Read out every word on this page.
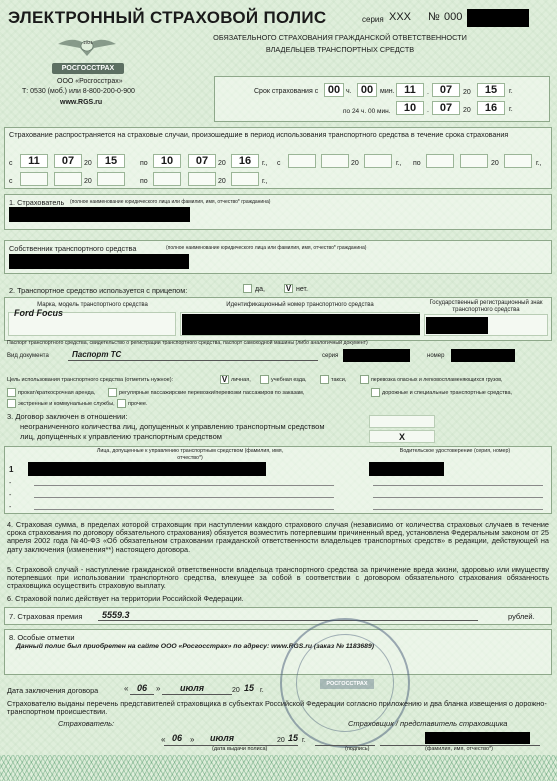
ЭЛЕКТРОННЫЙ СТРАХОВОЙ ПОЛИС	серия XXX № 000
ОБЯЗАТЕЛЬНОГО СТРАХОВАНИЯ ГРАЖДАНСКОЙ ОТВЕТСТВЕННОСТИ
ВЛАДЕЛЬЦЕВ ТРАНСПОРТНЫХ СРЕДСТВ
1921
РОСГОССТРАХ
ООО «Росгосстрах»
Т: 0530 (моб.) или 8-800-200-0-900
www.RGS.ru
Срок страхования с 00 ч. 00 мин. 11	. 07	20	15	г.
по 24 ч. 00 мин.	10	. 07	20	16	г.
Страхование распространяется на страховые случаи, произошедшие в период использования транспортного средства в течение срока страхования
с	11	07	20	15	по	10	07	20	16	г., с	20	г., по	20	г.,
с	20	по	20	г.,
1. Страхователь (полное наименование юридического лица или фамилия, имя, отчество* гражданина)
Собственник транспортного средства	(полное наименование юридического лица или фамилия, имя, отчество* гражданина)
2. Транспортное средство используется с прицепом:	да,	V нет.
Марка, модель транспортного средства	Идентификационный номер транспортного средства	Государственный регистрационный знак транспортного средства
Ford Focus
Паспорт транспортного средства, свидетельство о регистрации транспортного средства, паспорт самоходной машины (либо аналогичный документ)
Вид документа	Паспорт ТС	серия	номер
Цель использования транспортного средства (отметить нужное):	V личная,	учебная езда,	такси,	перевозка опасных и легковоспламеняющихся грузов,
прокат/краткосрочная аренда,	регулярные пассажирские перевозки/перевозки пассажиров по заказам,	дорожные и специальные транспортные средства,
экстренные и коммунальные службы, прочее.
3. Договор заключен в отношении:
неограниченного количества лиц, допущенных к управлению транспортным средством
лиц, допущенных к управлению транспортным средством	X
Лица, допущенные к управлению транспортным средством (фамилия, имя, отчество*)
Водительское удостоверение (серия, номер)
1
-
-
-
4. Страховая сумма, в пределах которой страховщик при наступлении каждого страхового случая (независимо от количества страховых случаев в течение срока страхования по договору обязательного страхования) обязуется возместить потерпевшим причиненный вред, установлена Федеральным законом от 25 апреля 2002 года №40-ФЗ «Об обязательном страховании гражданской ответственности владельцев транспортных средств» в редакции, действующей на дату заключения (изменения**) настоящего договора.
5. Страховой случай - наступление гражданской ответственности владельца транспортного средства за причинение вреда жизни, здоровью или имуществу потерпевших при использовании транспортного средства, влекущее за собой в соответствии с договором обязательного страхования обязанность страховщика осуществить страховую выплату.
6. Страховой полис действует на территории Российской Федерации.
7. Страховая премия 5559.3	рублей.
8. Особые отметки
Данный полис был приобретен на сайте ООО «Росгосстрах» по адресу: www.RGS.ru (заказ № 1183689)
РОСГОССТРАХ
Дата заключения договора	« 06	»	июля	20 15 г.
Страхователю выданы перечень представителей страховщика в субъектах Российской Федерации согласно приложению и два бланка извещения о дорожно-транспортном происшествии.
Страхователь:	Страховщик / представитель страховщика
« 06	»	июля	20 15 г.
(дата выдачи полиса)	(подпись)	(фамилия, имя, отчество*)
